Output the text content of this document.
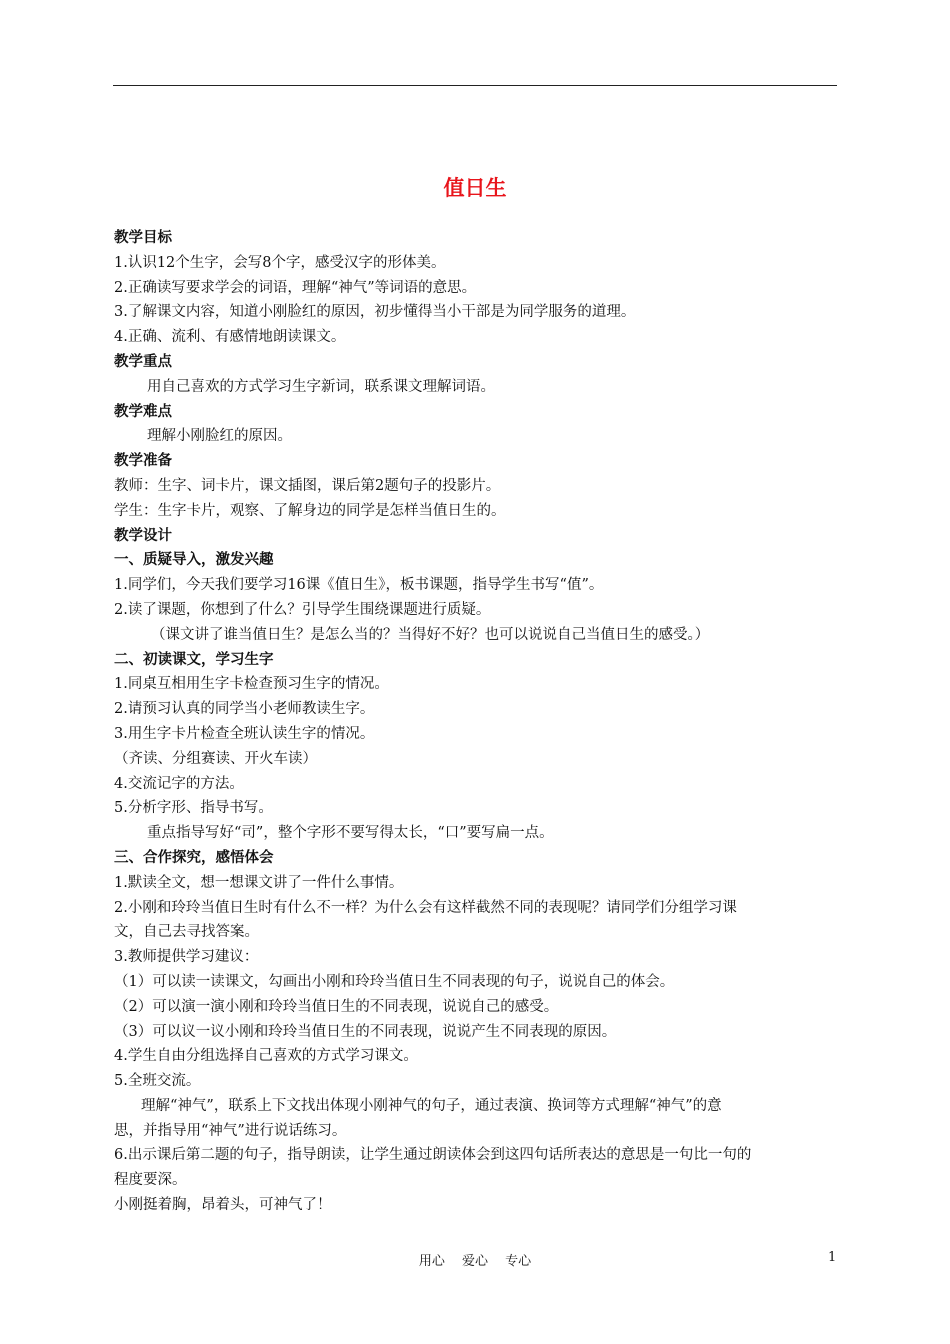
值日生

教学目标

1.认识12个生字，会写8个字，感受汉字的形体美。

2.正确读写要求学会的词语，理解“神气”等词语的意思。

3.了解课文内容，知道小刚脸红的原因，初步懂得当小干部是为同学服务的道理。

4.正确、流利、有感情地朗读课文。

教学重点

用自己喜欢的方式学习生字新词，联系课文理解词语。

教学难点

理解小刚脸红的原因。

教学准备

教师：生字、词卡片，课文插图，课后第2题句子的投影片。

学生：生字卡片，观察、了解身边的同学是怎样当值日生的。

教学设计

一、质疑导入，激发兴趣

1.同学们，今天我们要学习16课《值日生》，板书课题，指导学生书写“值”。

2.读了课题，你想到了什么？引导学生围绕课题进行质疑。

（课文讲了谁当值日生？是怎么当的？当得好不好？也可以说说自己当值日生的感受。）

二、初读课文，学习生字

1.同桌互相用生字卡检查预习生字的情况。

2.请预习认真的同学当小老师教读生字。

3.用生字卡片检查全班认读生字的情况。

（齐读、分组赛读、开火车读）

4.交流记字的方法。

5.分析字形、指导书写。

重点指导写好“司”，整个字形不要写得太长，“口”要写扁一点。

三、合作探究，感悟体会

1.默读全文，想一想课文讲了一件什么事情。

2.小刚和玲玲当值日生时有什么不一样？为什么会有这样截然不同的表现呢？请同学们分组学习课

文，自己去寻找答案。

3.教师提供学习建议：

（1）可以读一读课文，勾画出小刚和玲玲当值日生不同表现的句子，说说自己的体会。

（2）可以演一演小刚和玲玲当值日生的不同表现，说说自己的感受。

（3）可以议一议小刚和玲玲当值日生的不同表现，说说产生不同表现的原因。

4.学生自由分组选择自己喜欢的方式学习课文。

5.全班交流。

理解“神气”，联系上下文找出体现小刚神气的句子，通过表演、换词等方式理解“神气”的意

思，并指导用“神气”进行说话练习。

6.出示课后第二题的句子，指导朗读，让学生通过朗读体会到这四句话所表达的意思是一句比一句的

程度要深。

小刚挺着胸，昂着头，可神气了！

用心　 爱心　 专心	1
